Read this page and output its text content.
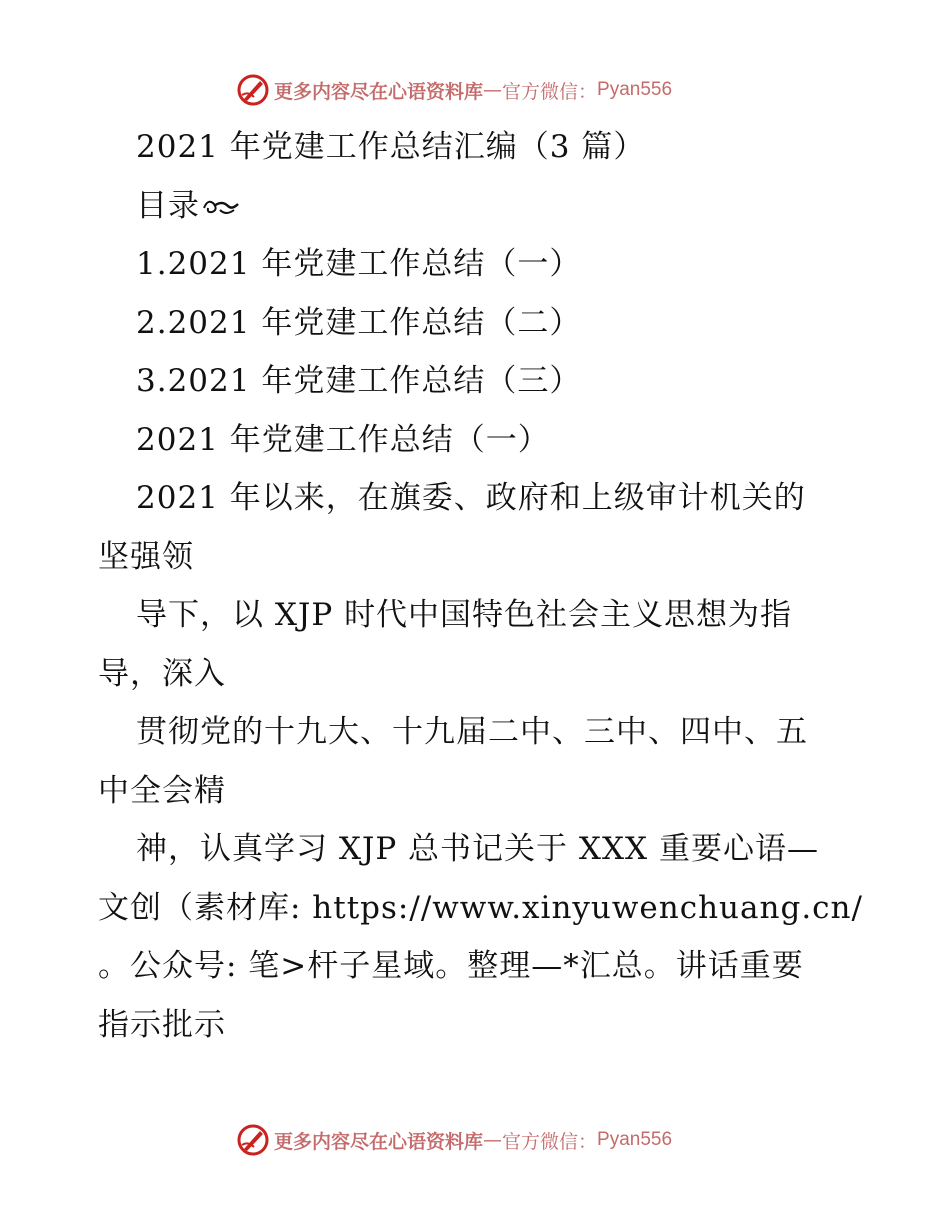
更多内容尽在心语资料库 — 官方微信： Pyan556
2021 年党建工作总结汇编（3 篇）
目录
1.2021 年党建工作总结（一）
2.2021 年党建工作总结（二）
3.2021 年党建工作总结（三）
2021 年党建工作总结（一）
2021 年以来，在旗委、政府和上级审计机关的
坚强领
导下，以 XJP 时代中国特色社会主义思想为指
导，深入
贯彻党的十九大、十九届二中、三中、四中、五
中全会精
神，认真学习 XJP 总书记关于 XXX 重要心语—
文创（素材库: https://www.xinyuwenchuang.cn/
。公众号: 笔>杆子星域。整理—*汇总。讲话重要
指示批示
更多内容尽在心语资料库 — 官方微信： Pyan556
